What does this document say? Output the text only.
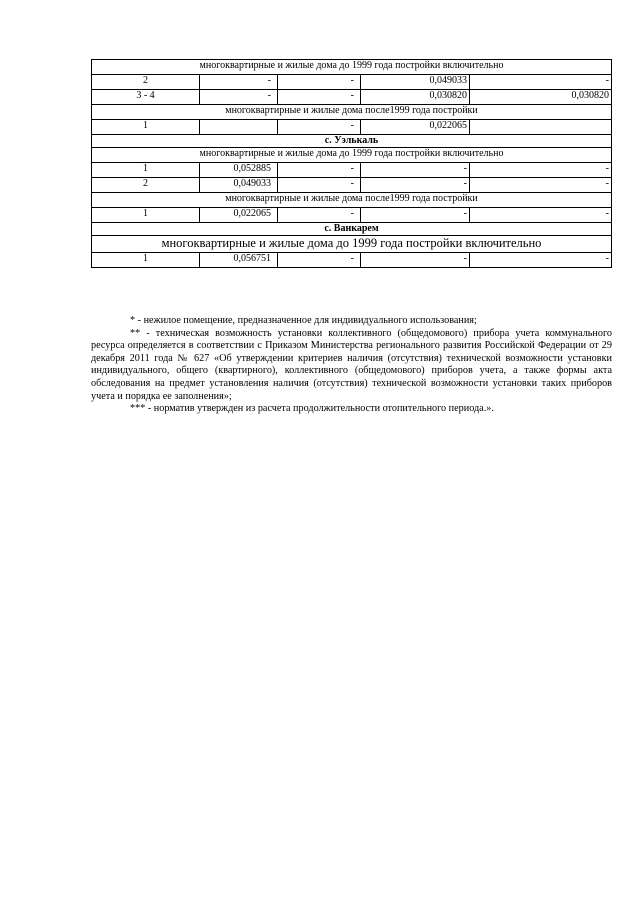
многоквартирные и жилые дома до 1999 года постройки включительно				
2	-	-	0,049033	-
3 - 4	-	-	0,030820	0,030820
многоквартирные и жилые дома после1999 года постройки				
1		-	0,022065	
с. Уэлькаль				
многоквартирные и жилые дома до 1999 года постройки включительно				
1	0,052885	-	-	-
2	0,049033	-	-	-
многоквартирные и жилые дома после1999 года постройки				
1	0,022065	-	-	-
с. Ванкарем				
многоквартирные и жилые дома до 1999 года постройки включительно				
1	0,056751	-	-	-

* - нежилое помещение, предназначенное для индивидуального использования;

** - техническая возможность установки коллективного (общедомового) прибора учета коммунального ресурса определяется в соответствии с Приказом Министерства регионального развития Российской Федерации от 29 декабря 2011 года № 627 «Об утверждении критериев наличия (отсутствия) технической возможности установки индивидуального, общего (квартирного), коллективного (общедомового) приборов учета, а также формы акта обследования на предмет установления наличия (отсутствия) технической возможности установки таких приборов учета и порядка ее заполнения»;

*** - норматив утвержден из расчета продолжительности отопительного периода.».
